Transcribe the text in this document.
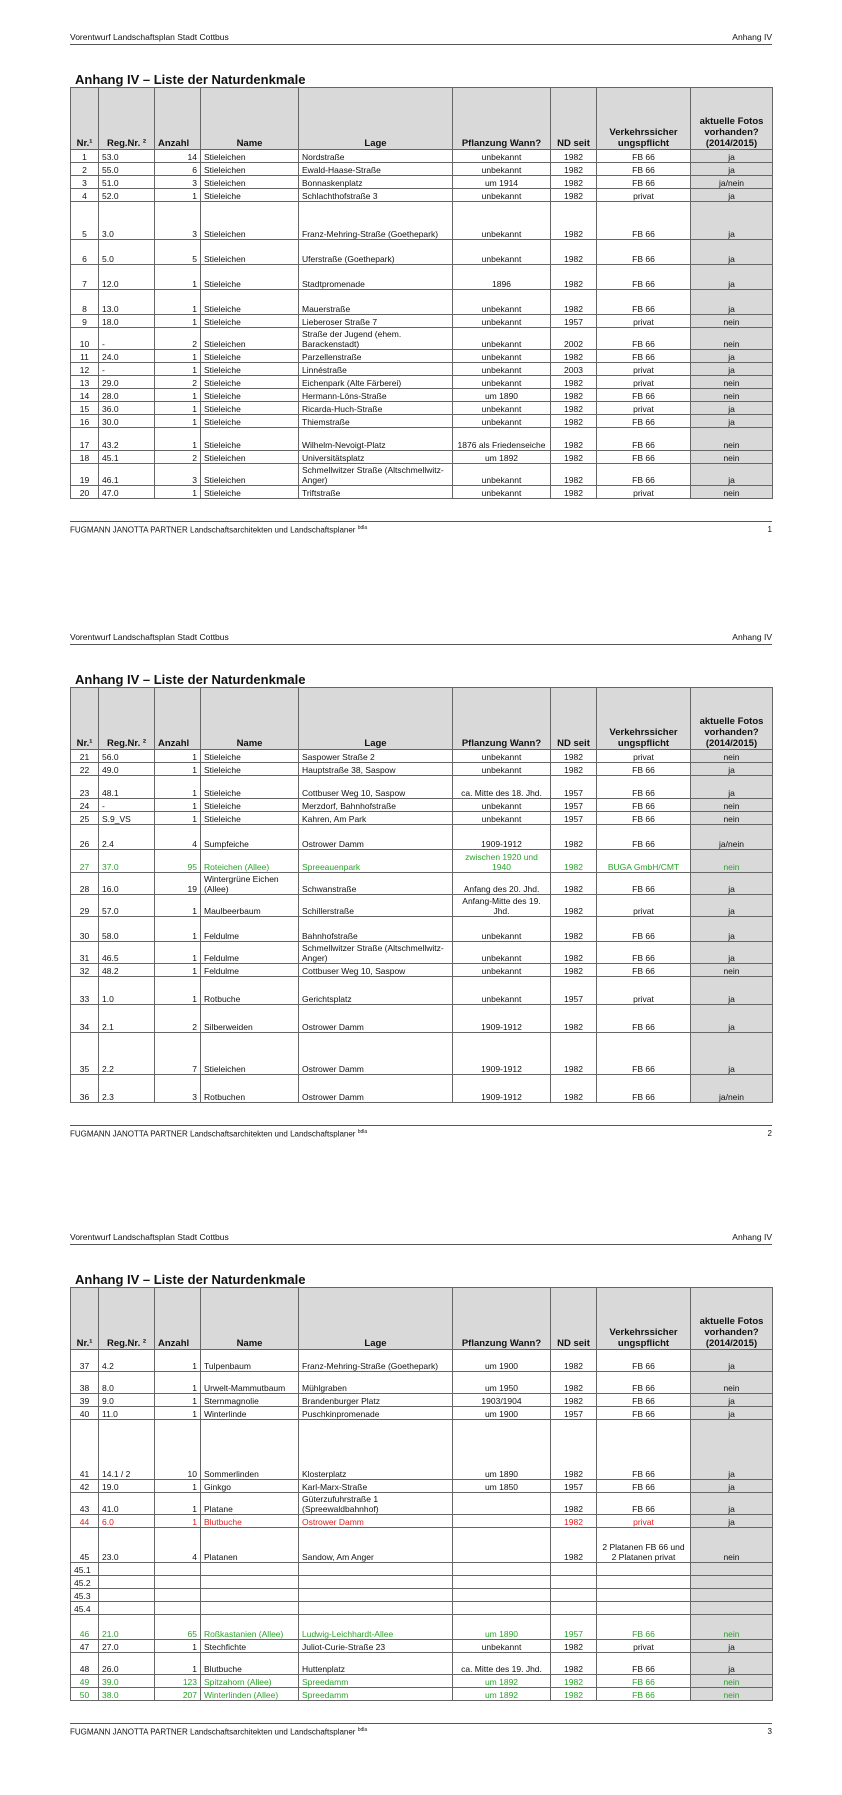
Vorentwurf Landschaftsplan Stadt Cottbus	Anhang IV
Anhang IV – Liste der Naturdenkmale
Nr.¹	Reg.Nr. ²	Anzahl	Name	Lage	Pflanzung Wann?	ND seit	Verkehrssicher ungspflicht	aktuelle Fotos vorhanden? (2014/2015)
1	53.0	14	Stieleichen	Nordstraße	unbekannt	1982	FB 66	ja
2	55.0	6	Stieleichen	Ewald-Haase-Straße	unbekannt	1982	FB 66	ja
3	51.0	3	Stieleichen	Bonnaskenplatz	um 1914	1982	FB 66	ja/nein
4	52.0	1	Stieleiche	Schlachthofstraße 3	unbekannt	1982	privat	ja
5	3.0	3	Stieleichen	Franz-Mehring-Straße (Goethepark)	unbekannt	1982	FB 66	ja
6	5.0	5	Stieleichen	Uferstraße (Goethepark)	unbekannt	1982	FB 66	ja
7	12.0	1	Stieleiche	Stadtpromenade	1896	1982	FB 66	ja
8	13.0	1	Stieleiche	Mauerstraße	unbekannt	1982	FB 66	ja
9	18.0	1	Stieleiche	Lieberoser Straße 7	unbekannt	1957	privat	nein
10	-	2	Stieleichen	Straße der Jugend (ehem. Barackenstadt)	unbekannt	2002	FB 66	nein
11	24.0	1	Stieleiche	Parzellenstraße	unbekannt	1982	FB 66	ja
12	-	1	Stieleiche	Linnéstraße	unbekannt	2003	privat	ja
13	29.0	2	Stieleiche	Eichenpark (Alte Färberei)	unbekannt	1982	privat	nein
14	28.0	1	Stieleiche	Hermann-Löns-Straße	um 1890	1982	FB 66	nein
15	36.0	1	Stieleiche	Ricarda-Huch-Straße	unbekannt	1982	privat	ja
16	30.0	1	Stieleiche	Thiemstraße	unbekannt	1982	FB 66	ja
17	43.2	1	Stieleiche	Wilhelm-Nevoigt-Platz	1876 als Friedenseiche	1982	FB 66	nein
18	45.1	2	Stieleichen	Universitätsplatz	um 1892	1982	FB 66	nein
19	46.1	3	Stieleichen	Schmellwitzer Straße (Altschmellwitz-Anger)	unbekannt	1982	FB 66	ja
20	47.0	1	Stieleiche	Triftstraße	unbekannt	1982	privat	nein
FUGMANN JANOTTA PARTNER Landschaftsarchitekten und Landschaftsplaner $^{bdla}$	1
Vorentwurf Landschaftsplan Stadt Cottbus	Anhang IV
Anhang IV – Liste der Naturdenkmale
Nr.¹	Reg.Nr. ²	Anzahl	Name	Lage	Pflanzung Wann?	ND seit	Verkehrssicher ungspflicht	aktuelle Fotos vorhanden? (2014/2015)
21	56.0	1	Stieleiche	Saspower Straße 2	unbekannt	1982	privat	nein
22	49.0	1	Stieleiche	Hauptstraße 38, Saspow	unbekannt	1982	FB 66	ja
23	48.1	1	Stieleiche	Cottbuser Weg 10, Saspow	ca. Mitte des 18. Jhd.	1957	FB 66	ja
24	-	1	Stieleiche	Merzdorf, Bahnhofstraße	unbekannt	1957	FB 66	nein
25	S.9_VS	1	Stieleiche	Kahren, Am Park	unbekannt	1957	FB 66	nein
26	2.4	4	Sumpfeiche	Ostrower Damm	1909-1912	1982	FB 66	ja/nein
27	37.0	95	Roteichen (Allee)	Spreeauenpark	zwischen 1920 und 1940	1982	BUGA GmbH/CMT	nein
28	16.0	19	Wintergrüne Eichen (Allee)	Schwanstraße	Anfang des 20. Jhd.	1982	FB 66	ja
29	57.0	1	Maulbeerbaum	Schillerstraße	Anfang-Mitte des 19. Jhd.	1982	privat	ja
30	58.0	1	Feldulme	Bahnhofstraße	unbekannt	1982	FB 66	ja
31	46.5	1	Feldulme	Schmellwitzer Straße (Altschmellwitz-Anger)	unbekannt	1982	FB 66	ja
32	48.2	1	Feldulme	Cottbuser Weg 10, Saspow	unbekannt	1982	FB 66	nein
33	1.0	1	Rotbuche	Gerichtsplatz	unbekannt	1957	privat	ja
34	2.1	2	Silberweiden	Ostrower Damm	1909-1912	1982	FB 66	ja
35	2.2	7	Stieleichen	Ostrower Damm	1909-1912	1982	FB 66	ja
36	2.3	3	Rotbuchen	Ostrower Damm	1909-1912	1982	FB 66	ja/nein
FUGMANN JANOTTA PARTNER Landschaftsarchitekten und Landschaftsplaner $^{bdla}$	2
Vorentwurf Landschaftsplan Stadt Cottbus	Anhang IV
Anhang IV – Liste der Naturdenkmale
Nr.¹	Reg.Nr. ²	Anzahl	Name	Lage	Pflanzung Wann?	ND seit	Verkehrssicher ungspflicht	aktuelle Fotos vorhanden? (2014/2015)
37	4.2	1	Tulpenbaum	Franz-Mehring-Straße (Goethepark)	um 1900	1982	FB 66	ja
38	8.0	1	Urwelt-Mammutbaum	Mühlgraben	um 1950	1982	FB 66	nein
39	9.0	1	Sternmagnolie	Brandenburger Platz	1903/1904	1982	FB 66	ja
40	11.0	1	Winterlinde	Puschkinpromenade	um 1900	1957	FB 66	ja
41	14.1 / 2	10	Sommerlinden	Klosterplatz	um 1890	1982	FB 66	ja
42	19.0	1	Ginkgo	Karl-Marx-Straße	um 1850	1957	FB 66	ja
43	41.0	1	Platane	Güterzufuhrstraße 1 (Spreewaldbahnhof)		1982	FB 66	ja
44	6.0	1	Blutbuche	Ostrower Damm		1982	privat	ja
45	23.0	4	Platanen	Sandow, Am Anger		1982	2 Platanen FB 66 und 2 Platanen privat	nein
45.1								
45.2								
45.3								
45.4								
46	21.0	65	Roßkastanien (Allee)	Ludwig-Leichhardt-Allee	um 1890	1957	FB 66	nein
47	27.0	1	Stechfichte	Juliot-Curie-Straße 23	unbekannt	1982	privat	ja
48	26.0	1	Blutbuche	Huttenplatz	ca. Mitte des 19. Jhd.	1982	FB 66	ja
49	39.0	123	Spitzahorn (Allee)	Spreedamm	um 1892	1982	FB 66	nein
50	38.0	207	Winterlinden (Allee)	Spreedamm	um 1892	1982	FB 66	nein
FUGMANN JANOTTA PARTNER Landschaftsarchitekten und Landschaftsplaner $^{bdla}$	3
